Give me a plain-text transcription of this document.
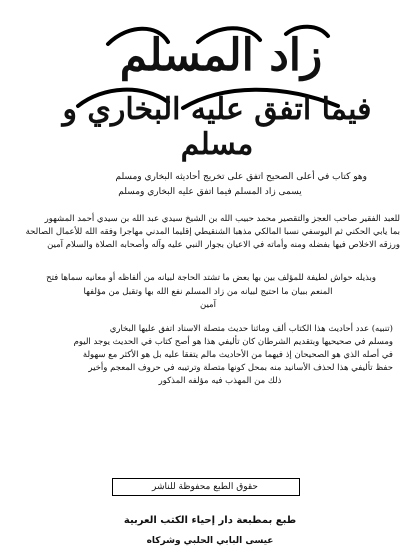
زاد المسلم
فيما اتفق عليه البخاري و مسلم
وهو كتاب في أعلى الصحيح اتفق على تخريج أحاديثه البخاري ومسلم
يسمى زاد المسلم فيما اتفق عليه البخاري ومسلم
للعبد الفقير صاحب العجز والتقصير محمد حبيب الله بن الشيخ سيدي عبد الله بن سيدي أحمد المشهور
بما يابي الحكني ثم اليوسفي نسبا المالكي مذهبا الشنقيطي إقليما المدني مهاجرا وفقه الله للأعمال الصالحة
ورزقه الاخلاص فيها بفضله ومنه وأماته في الاعيان بجوار النبي عليه وآله وأصحابه الصلاة والسلام آمين
وبذيله حواش لطيفة للمؤلف بين بها بعض ما تشتد الحاجة لبيانه من ألفاظه أو معانيه سماها فتح
المنعم ببيان ما احتيج لبيانه من زاد المسلم نفع الله بها وتقبل من مؤلفها آمين
(تنبيه) عدد أحاديث هذا الكتاب ألف وماثنا حديث متصلة الاسناد اتفق عليها البخاري
ومسلم في صحيحيها وبتقديم الشرطان كان تأليفي هذا هو أصح كتاب في الحديث يوجد اليوم
في أصله الذي هو الصحيحان إذ فيهما من الأحاديث مالم يتفقا عليه بل هو الأكثر مع سهولة
حفظ تأليفي هذا لحذف الأسانيد منه بمحل كونها متصلة وترتيبه في حروف المعجم وأخير
ذلك من المهذب فيه مؤلفه المذكور
حقوق الطبع محفوظة للناشر
طبع بمطبعة دار إحياء الكتب العربية
عيسى البابي الحلبي وشركاه
